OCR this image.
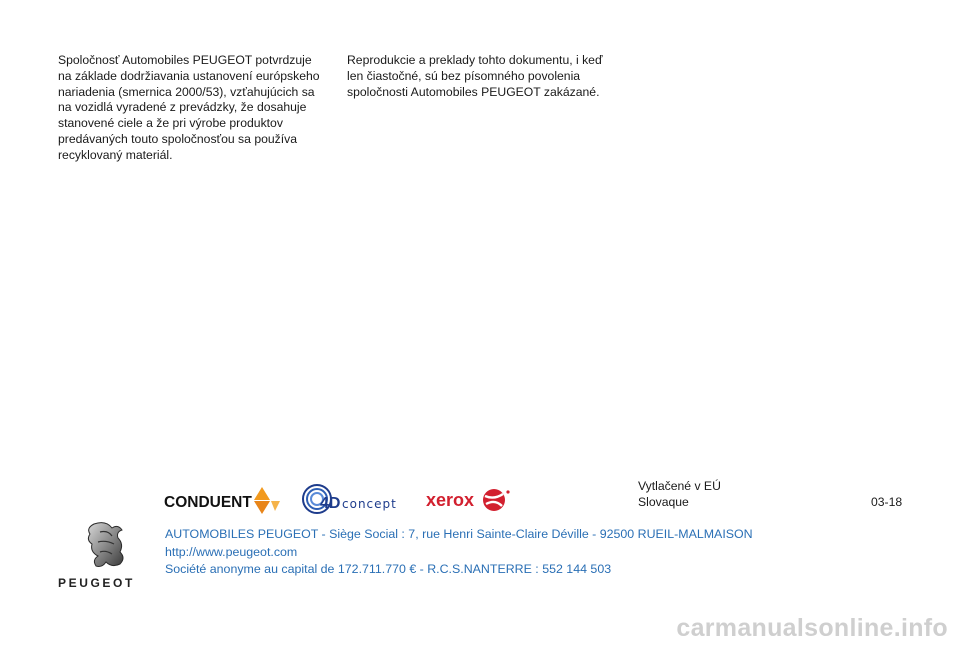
Spoločnosť Automobiles PEUGEOT potvrdzuje

na základe dodržiavania ustanovení európskeho

nariadenia (smernica 2000/53), vzťahujúcich sa

na vozidlá vyradené z prevádzky, že dosahuje

stanovené ciele a že pri výrobe produktov

predávaných touto spoločnosťou sa používa

recyklovaný materiál.

Reprodukcie a preklady tohto dokumentu, i keď

len čiastočné, sú bez písomného povolenia

spoločnosti Automobiles PEUGEOT zakázané.

Vytlačené v EÚ
Slovaque	03-18
CONDUENT	4D concept xerox
AUTOMOBILES PEUGEOT - Siège Social : 7, rue Henri Sainte-Claire Déville - 92500 RUEIL-MALMAISON
http://www.peugeot.com
Société anonyme au capital de 172.711.770 € - R.C.S.NANTERRE : 552 144 503
PEUGEOT
carmanualsonline.info
